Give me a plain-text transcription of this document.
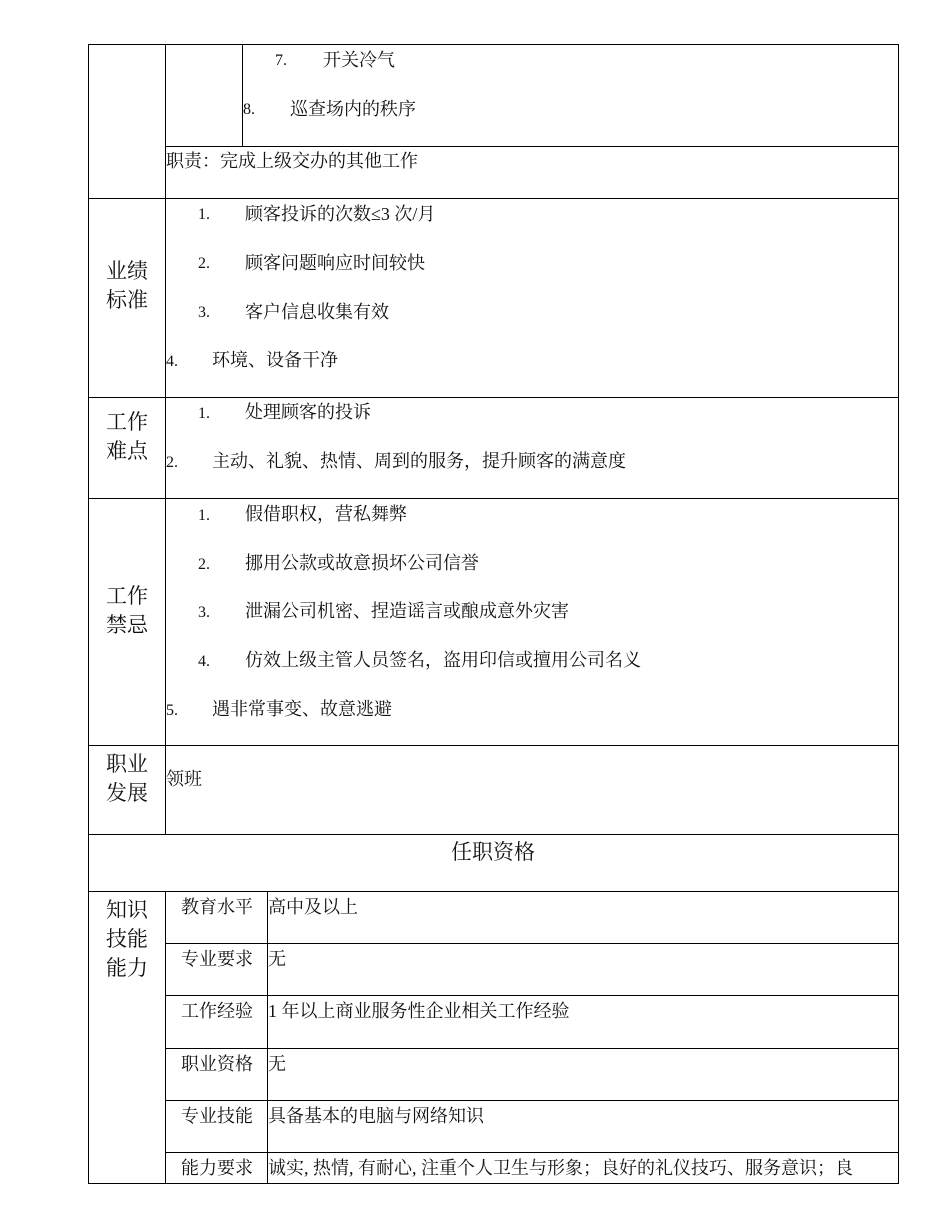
7. 开关冷气
8. 巡查场内的秩序
职责：完成上级交办的其他工作
业绩
标准
1. 顾客投诉的次数≤3 次/月
2. 顾客问题响应时间较快
3. 客户信息收集有效
4. 环境、设备干净
工作
难点
1. 处理顾客的投诉
2. 主动、礼貌、热情、周到的服务，提升顾客的满意度
工作
禁忌
1. 假借职权，营私舞弊
2. 挪用公款或故意损坏公司信誉
3. 泄漏公司机密、捏造谣言或酿成意外灾害
4. 仿效上级主管人员签名，盗用印信或擅用公司名义
5. 遇非常事变、故意逃避
职业
发展
领班
任职资格
知识
技能
能力
教育水平 高中及以上
专业要求 无
工作经验 1 年以上商业服务性企业相关工作经验
职业资格 无
专业技能 具备基本的电脑与网络知识
能力要求 诚实, 热情, 有耐心, 注重个人卫生与形象；良好的礼仪技巧、服务意识；良
